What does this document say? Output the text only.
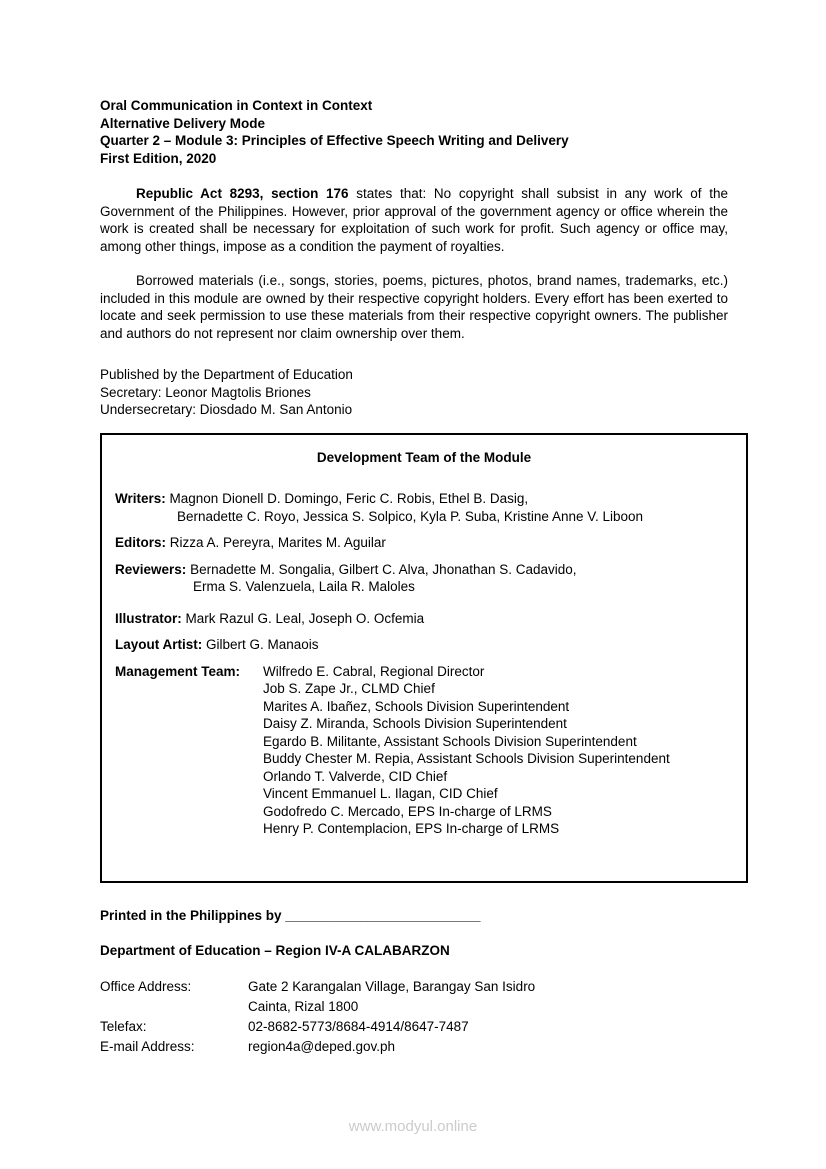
Oral Communication in Context in Context
Alternative Delivery Mode
Quarter 2 – Module 3: Principles of Effective Speech Writing and Delivery
First Edition, 2020

Republic Act 8293, section 176 states that: No copyright shall subsist in any work of the Government of the Philippines. However, prior approval of the government agency or office wherein the work is created shall be necessary for exploitation of such work for profit. Such agency or office may, among other things, impose as a condition the payment of royalties.

Borrowed materials (i.e., songs, stories, poems, pictures, photos, brand names, trademarks, etc.) included in this module are owned by their respective copyright holders. Every effort has been exerted to locate and seek permission to use these materials from their respective copyright owners. The publisher and authors do not represent nor claim ownership over them.

Published by the Department of Education
Secretary: Leonor Magtolis Briones
Undersecretary: Diosdado M. San Antonio
Development Team of the Module
Writers: Magnon Dionell D. Domingo, Feric C. Robis, Ethel B. Dasig,
Bernadette C. Royo, Jessica S. Solpico, Kyla P. Suba, Kristine Anne V. Liboon
Editors: Rizza A. Pereyra, Marites M. Aguilar
Reviewers: Bernadette M. Songalia, Gilbert C. Alva, Jhonathan S. Cadavido,
Erma S. Valenzuela, Laila R. Maloles
Illustrator: Mark Razul G. Leal, Joseph O. Ocfemia
Layout Artist: Gilbert G. Manaois
Management Team:	Wilfredo E. Cabral, Regional Director
Job S. Zape Jr., CLMD Chief
Marites A. Ibañez, Schools Division Superintendent
Daisy Z. Miranda, Schools Division Superintendent
Egardo B. Militante, Assistant Schools Division Superintendent
Buddy Chester M. Repia, Assistant Schools Division Superintendent
Orlando T. Valverde, CID Chief
Vincent Emmanuel L. Ilagan, CID Chief
Godofredo C. Mercado, EPS In-charge of LRMS
Henry P. Contemplacion, EPS In-charge of LRMS
Printed in the Philippines by __________________________
Department of Education – Region IV-A CALABARZON
Office Address:	Gate 2 Karangalan Village, Barangay San Isidro
Cainta, Rizal 1800
Telefax:	02-8682-5773/8684-4914/8647-7487
E-mail Address:	region4a@deped.gov.ph
www.modyul.online
